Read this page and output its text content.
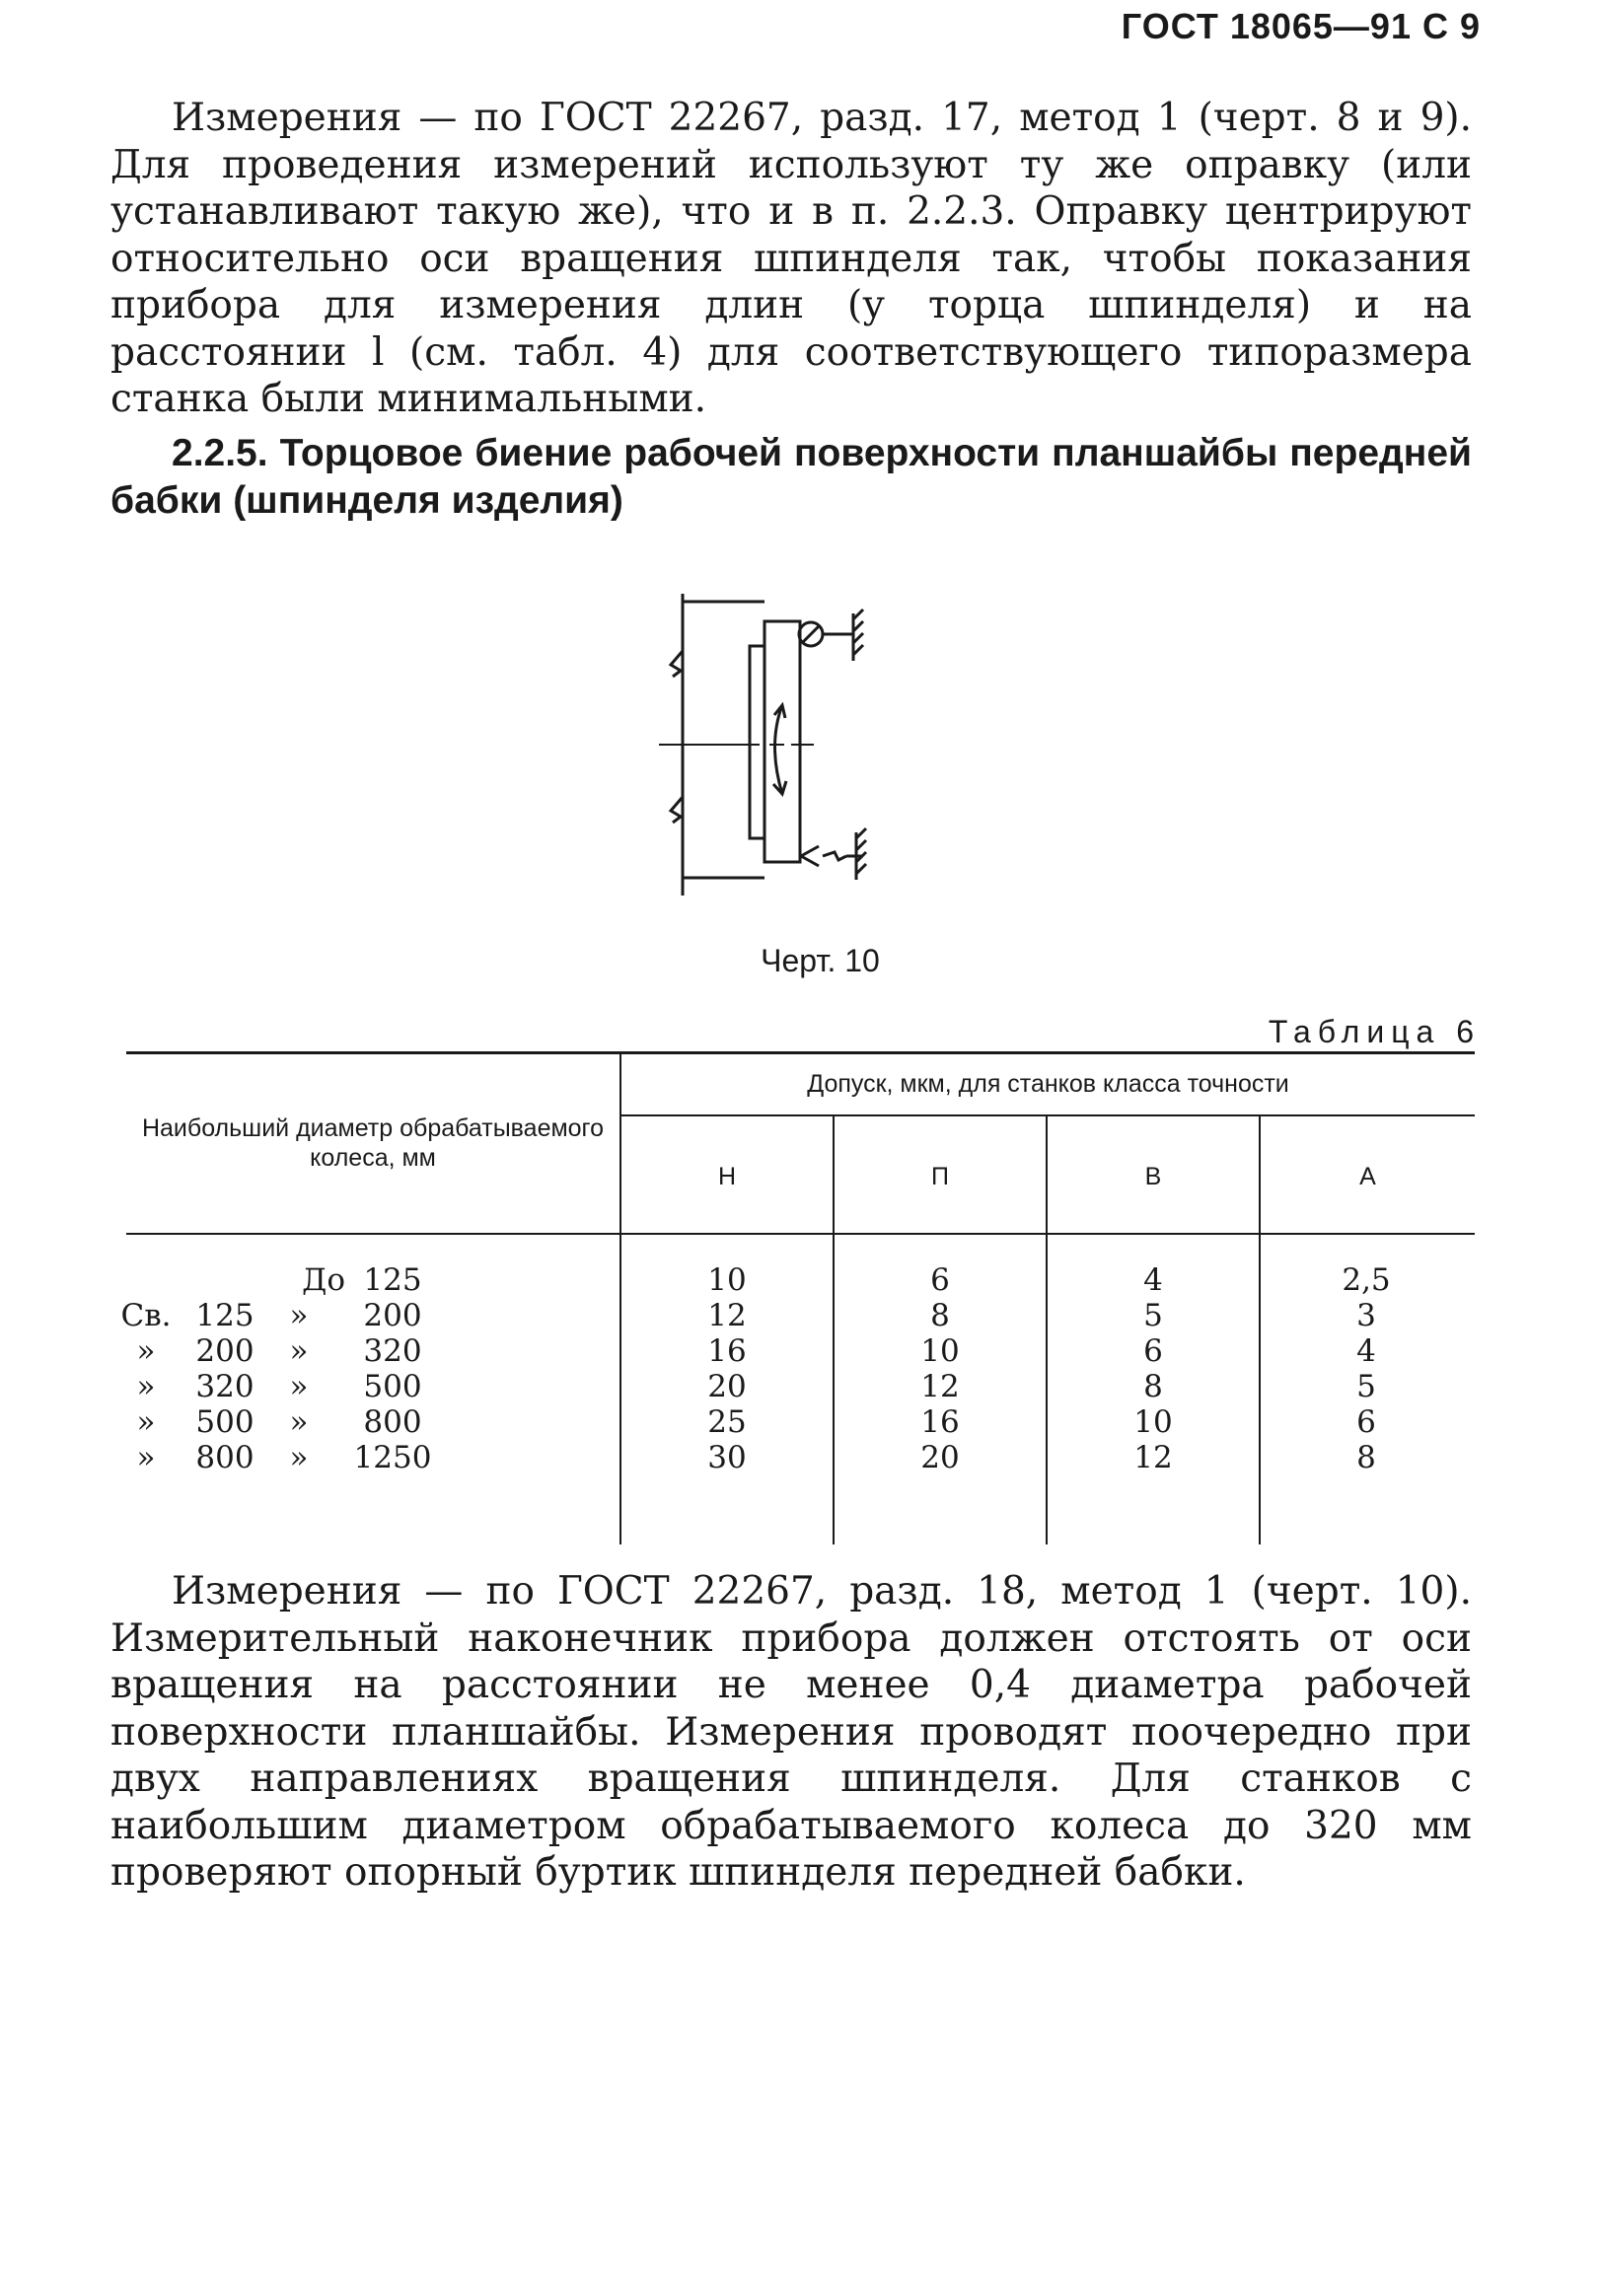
ГОСТ 18065—91 С 9

Измерения — по ГОСТ 22267, разд. 17, метод 1 (черт. 8 и 9). Для проведения измерений используют ту же оправку (или устанавливают такую же), что и в п. 2.2.3. Оправку центрируют относительно оси вращения шпинделя так, чтобы показания прибора для измерения длин (у торца шпинделя) и на расстоянии l (см. табл. 4) для соответствующего типоразмера станка были минимальными.

2.2.5. Торцовое биение рабочей поверхности планшайбы передней бабки (шпинделя изделия)

Черт. 10
Таблица 6
Наибольший диаметр обрабатываемого колеса, мм
Допуск, мкм, для станков класса точности
Н	П	В	А
До 125	10	6	4	2,5
Св. 125	»	200	12	8	5	3
»	200	»	320	16	10	6	4
»	320	»	500	20	12	8	5
»	500	»	800	25	16	10	6
»	800	» 1250	30	20	12	8

Измерения — по ГОСТ 22267, разд. 18, метод 1 (черт. 10). Измерительный наконечник прибора должен отстоять от оси вращения на расстоянии не менее 0,4 диаметра рабочей поверхности планшайбы. Измерения проводят поочередно при двух направлениях вращения шпинделя. Для станков с наибольшим диаметром обрабатываемого колеса до 320 мм проверяют опорный буртик шпинделя передней бабки.
